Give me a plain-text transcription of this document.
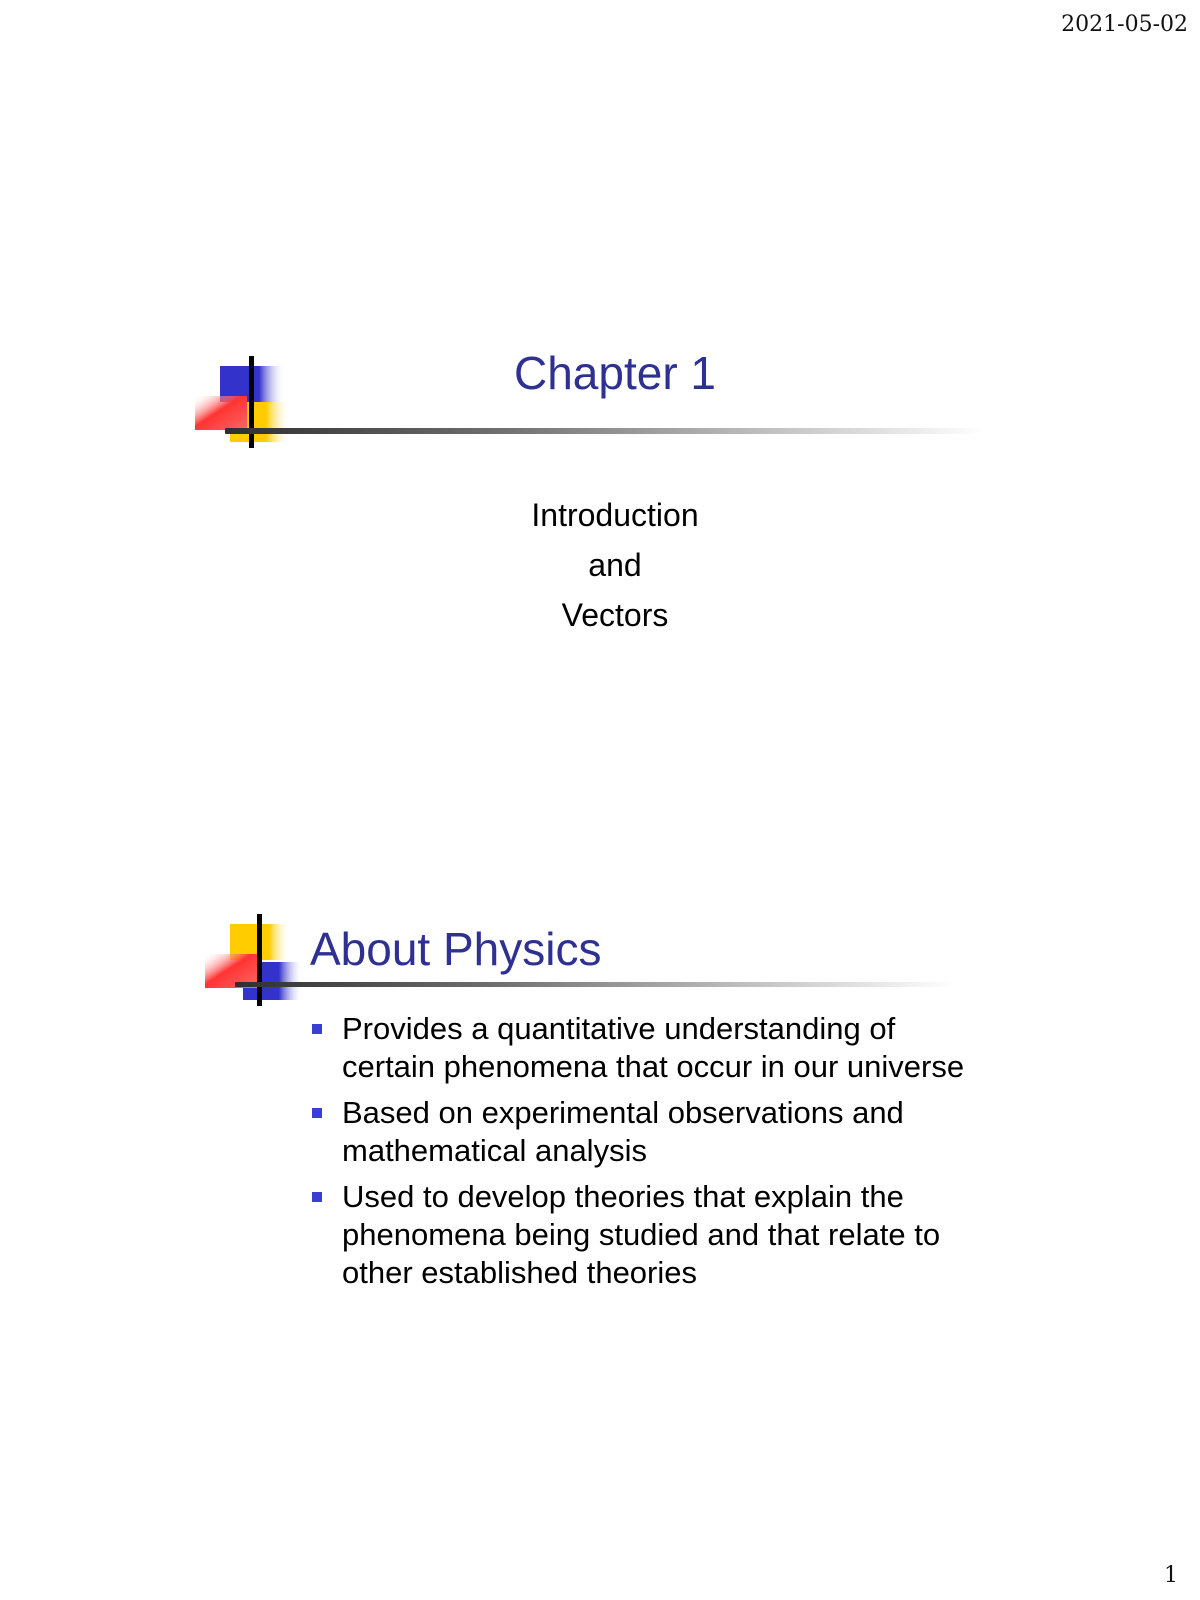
2021-05-02
Chapter 1
Introduction
and
Vectors
About Physics
Provides a quantitative understanding of certain phenomena that occur in our universe
Based on experimental observations and mathematical analysis
Used to develop theories that explain the phenomena being studied and that relate to other established theories
1
